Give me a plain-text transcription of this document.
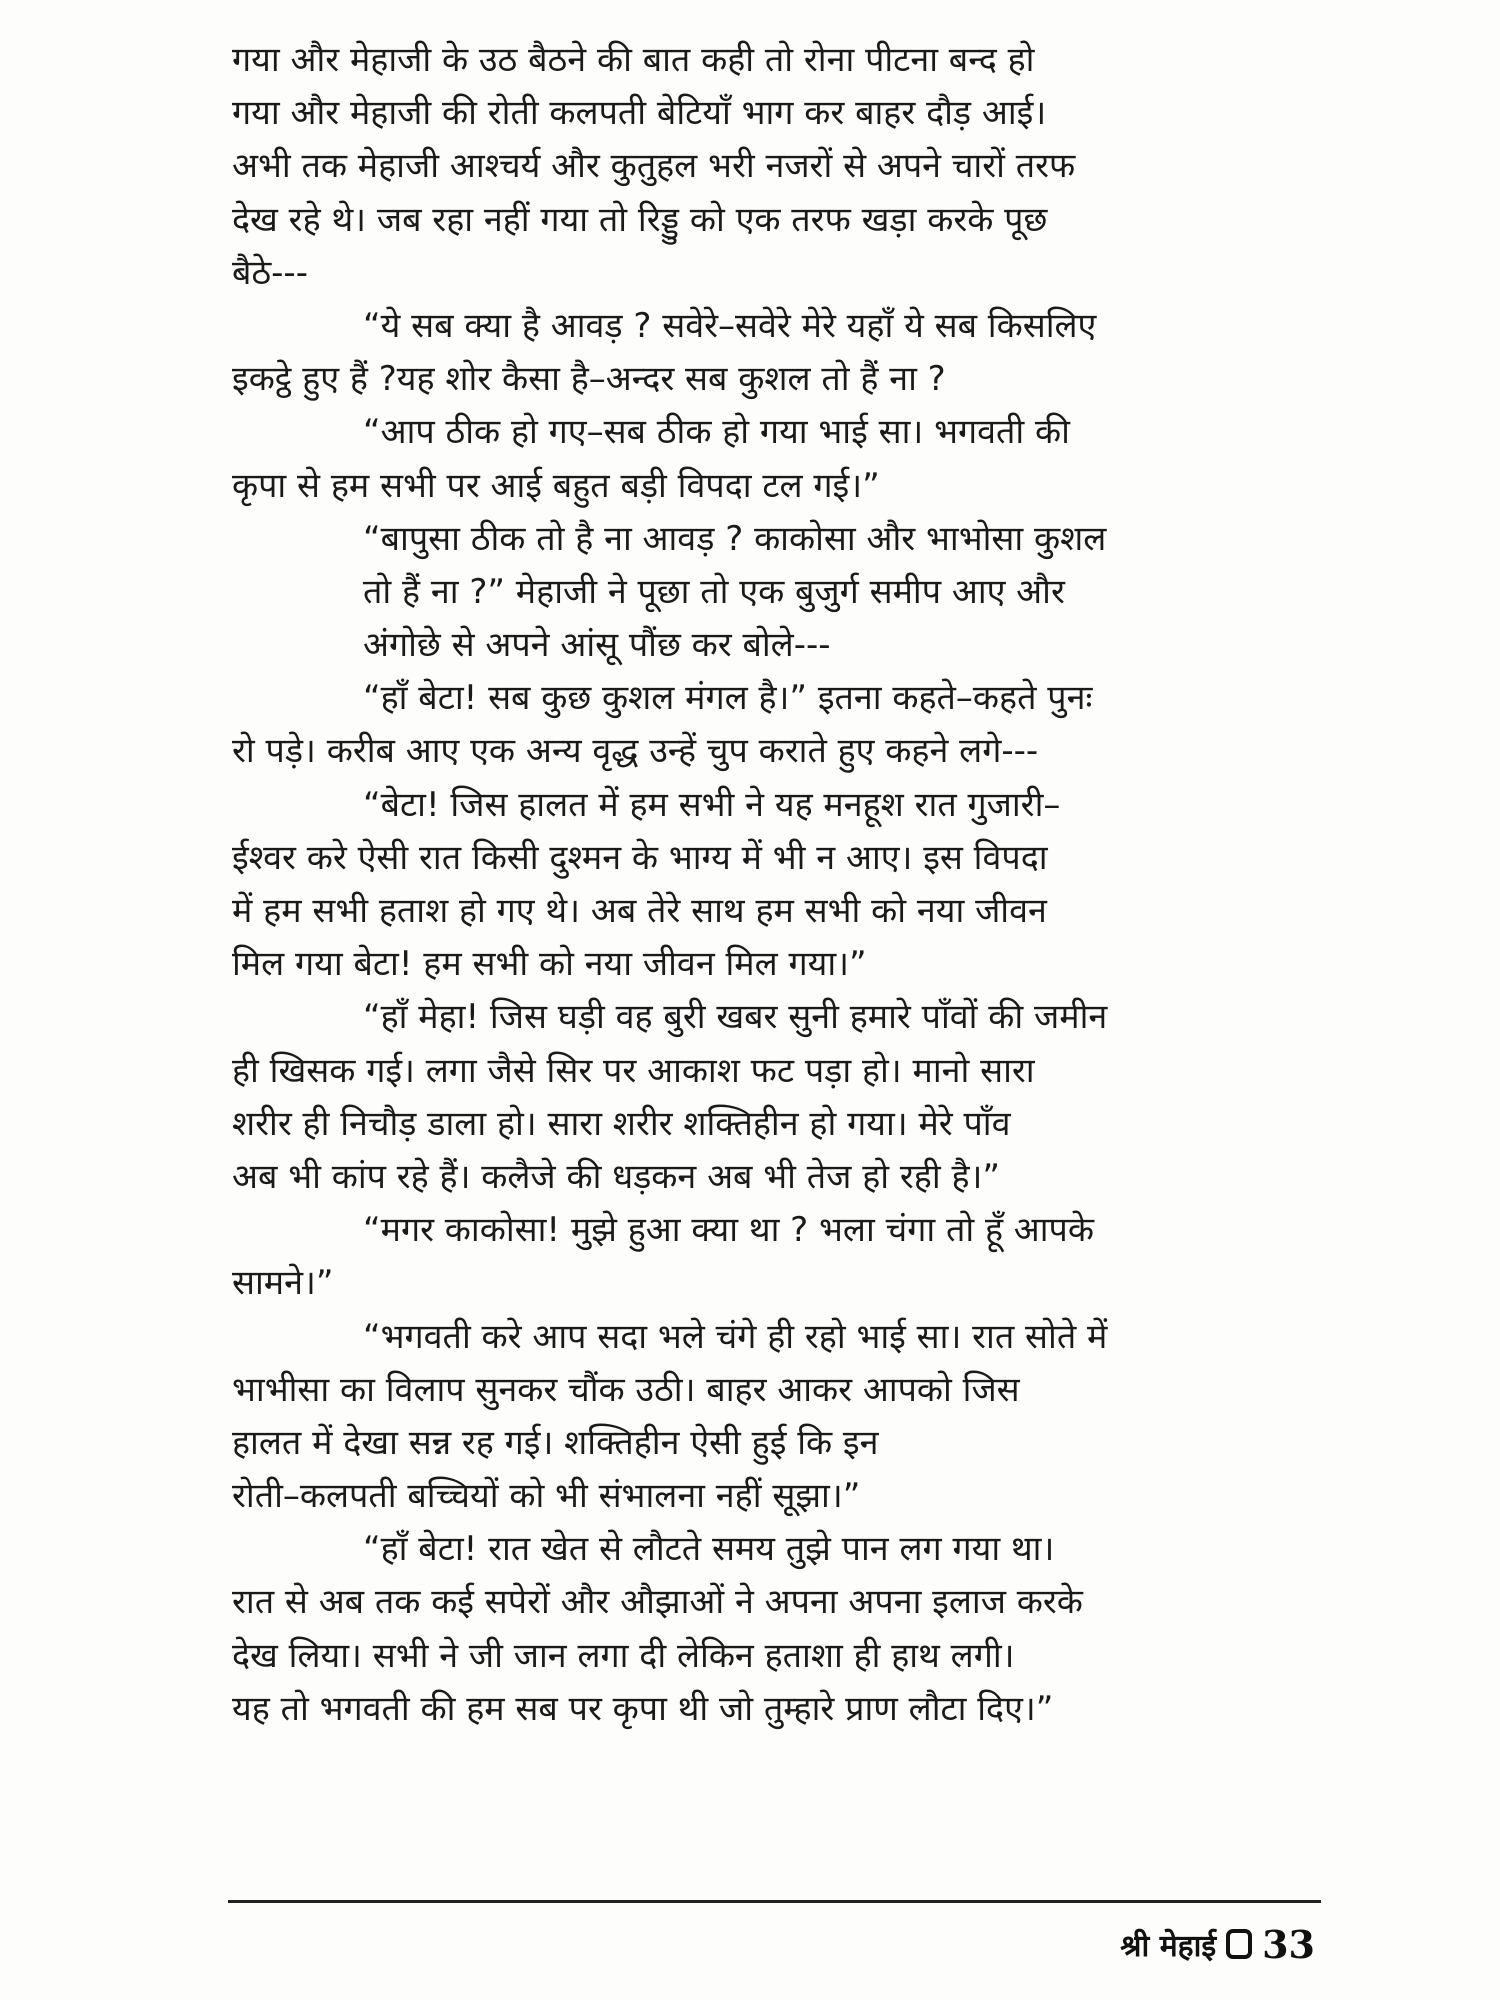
गया और मेहाजी के उठ बैठने की बात कही तो रोना पीटना बन्द हो
गया और मेहाजी की रोती कलपती बेटियाँ भाग कर बाहर दौड़ आई।
अभी तक मेहाजी आश्चर्य और कुतुहल भरी नजरों से अपने चारों तरफ
देख रहे थे। जब रहा नहीं गया तो रिड्डु को एक तरफ खड़ा करके पूछ
बैठे---
“ये सब क्या है आवड़ ? सवेरे–सवेरे मेरे यहाँ ये सब किसलिए
इकट्ठे हुए हैं ?यह शोर कैसा है–अन्दर सब कुशल तो हैं ना ?
“आप ठीक हो गए–सब ठीक हो गया भाई सा। भगवती की
कृपा से हम सभी पर आई बहुत बड़ी विपदा टल गई।”
“बापुसा ठीक तो है ना आवड़ ? काकोसा और भाभोसा कुशल
तो हैं ना ?” मेहाजी ने पूछा तो एक बुजुर्ग समीप आए और
अंगोछे से अपने आंसू पौंछ कर बोले---
“हाँ बेटा! सब कुछ कुशल मंगल है।” इतना कहते–कहते पुनः
रो पड़े। करीब आए एक अन्य वृद्ध उन्हें चुप कराते हुए कहने लगे---
“बेटा! जिस हालत में हम सभी ने यह मनहूश रात गुजारी–
ईश्वर करे ऐसी रात किसी दुश्मन के भाग्य में भी न आए। इस विपदा
में हम सभी हताश हो गए थे। अब तेरे साथ हम सभी को नया जीवन
मिल गया बेटा! हम सभी को नया जीवन मिल गया।”
“हाँ मेहा! जिस घड़ी वह बुरी खबर सुनी हमारे पाँवों की जमीन
ही खिसक गई। लगा जैसे सिर पर आकाश फट पड़ा हो। मानो सारा
शरीर ही निचौड़ डाला हो। सारा शरीर शक्तिहीन हो गया। मेरे पाँव
अब भी कांप रहे हैं। कलैजे की धड़कन अब भी तेज हो रही है।”
“मगर काकोसा! मुझे हुआ क्या था ? भला चंगा तो हूँ आपके
सामने।”
“भगवती करे आप सदा भले चंगे ही रहो भाई सा। रात सोते में
भाभीसा का विलाप सुनकर चौंक उठी। बाहर आकर आपको जिस
हालत में देखा सन्न रह गई। शक्तिहीन ऐसी हुई कि इन
रोती–कलपती बच्चियों को भी संभालना नहीं सूझा।”
“हाँ बेटा! रात खेत से लौटते समय तुझे पान लग गया था।
रात से अब तक कई सपेरों और औझाओं ने अपना अपना इलाज करके
देख लिया। सभी ने जी जान लगा दी लेकिन हताशा ही हाथ लगी।
यह तो भगवती की हम सब पर कृपा थी जो तुम्हारे प्राण लौटा दिए।”
श्री मेहाई 33
